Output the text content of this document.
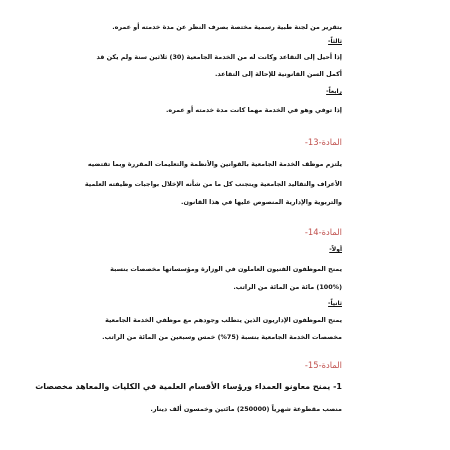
بتقرير من لجنة طبية رسمية مختصة بصرف النظر عن مدة خدمته أو عمره.
ثالثاً-
إذا أحيل إلى التقاعد وكانت له من الخدمة الجامعية (30) ثلاثين سنة ولم يكن قد
أكمل السن القانونية للإحالة إلى التقاعد.
رابعاً-
إذا توفي وهو في الخدمة مهما كانت مدة خدمته أو عمره.
المادة-13-
يلتزم موظف الخدمة الجامعية بالقوانين والأنظمة والتعليمات المقررة وبما تقتضيه
الأعراف والتقاليد الجامعية ويتجنب كل ما من شأنه الإخلال بواجبات وظيفته العلمية
والتربوية والإدارية المنصوص عليها في هذا القانون.
المادة-14-
أولاً-
يمنح الموظفون الفنيون العاملون في الوزارة ومؤسساتها مخصصات بنسبة
(100%) مائة من المائة من الراتب.
ثانياً-
يمنح الموظفون الإداريون الذين يتطلب وجودهم مع موظفي الخدمة الجامعية
مخصصات الخدمة الجامعية بنسبة (75%) خمس وسبعين من المائة من الراتب.
المادة-15-
1- يمنح معاونو العمداء ورؤساء الأقسام العلمية في الكليات والمعاهد مخصصات
منصب مقطوعة شهرياً (250000) مائتين وخمسون ألف دينار.
